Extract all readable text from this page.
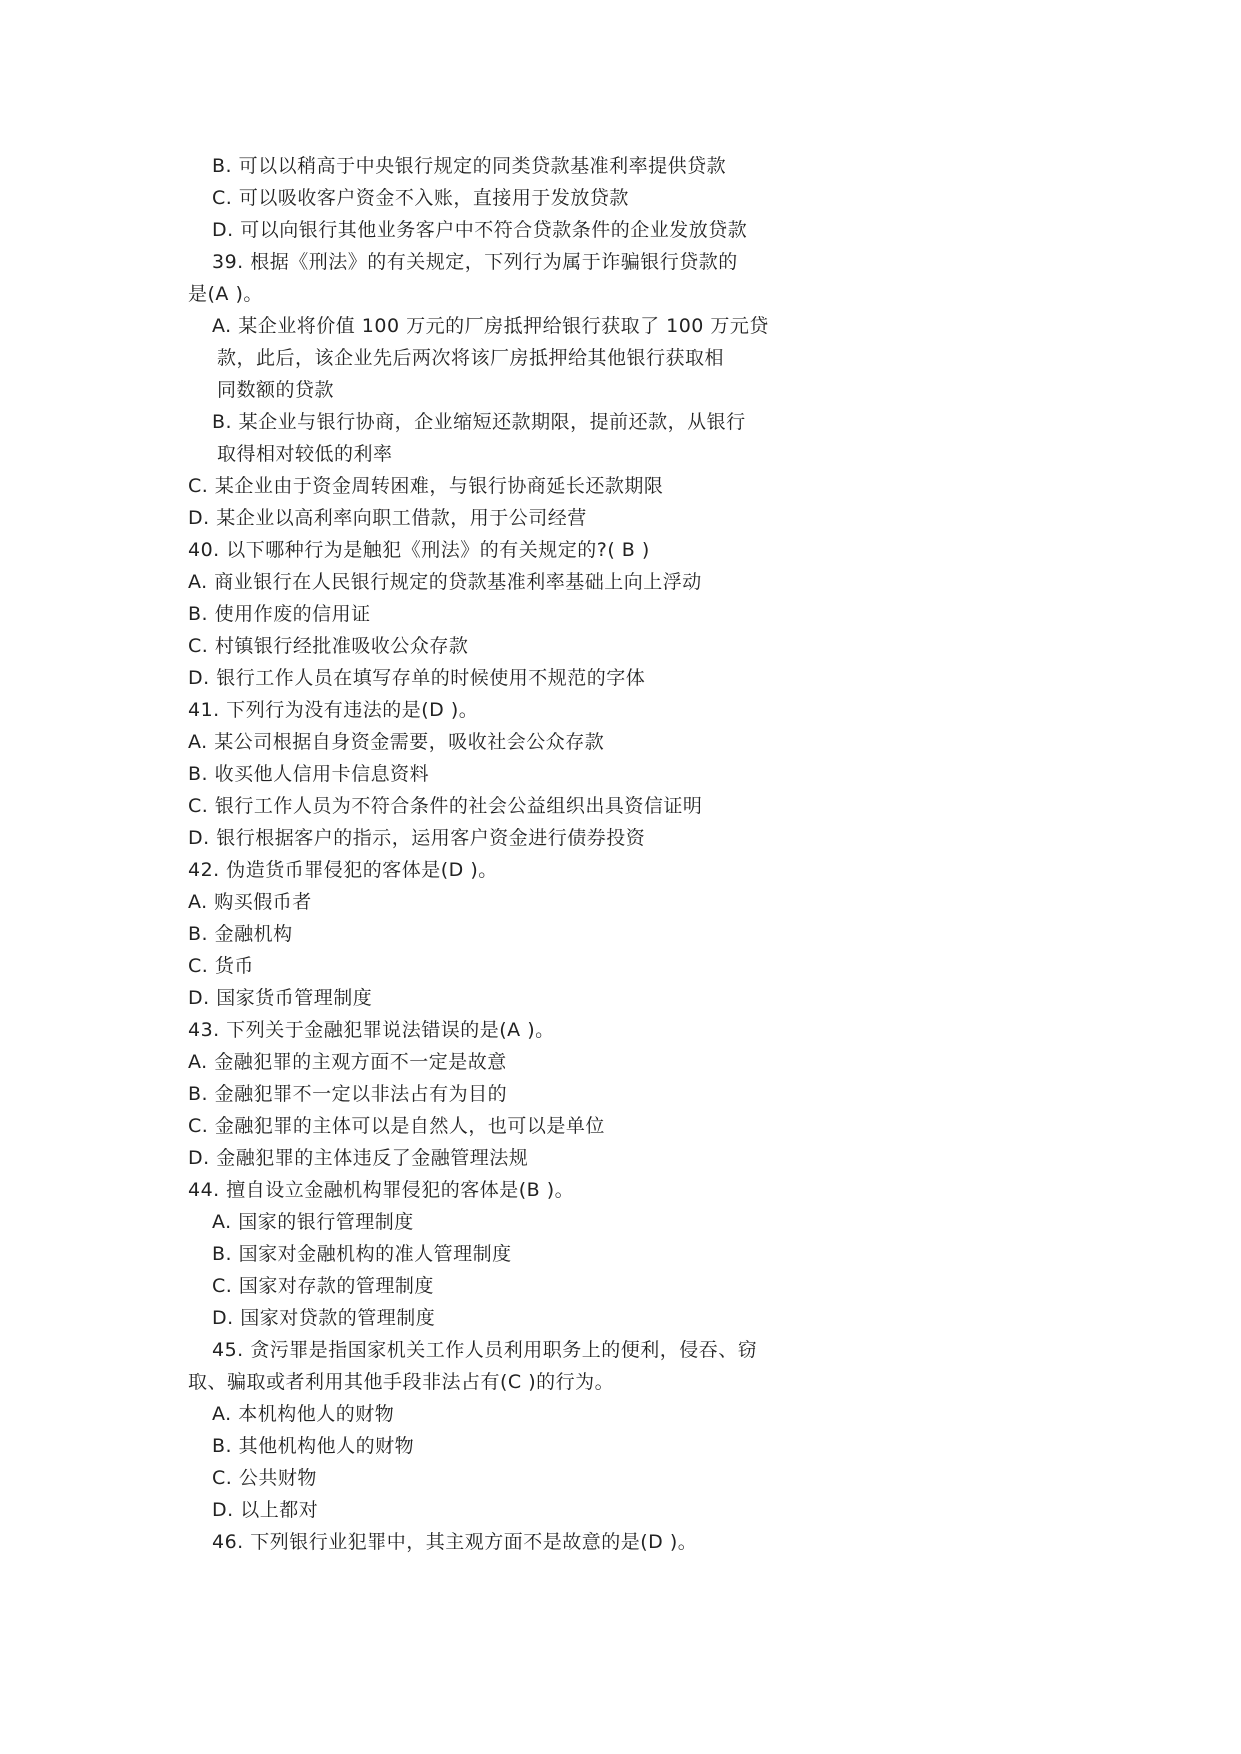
B. 可以以稍高于中央银行规定的同类贷款基准利率提供贷款
C. 可以吸收客户资金不入账，直接用于发放贷款
D. 可以向银行其他业务客户中不符合贷款条件的企业发放贷款
39. 根据《刑法》的有关规定，下列行为属于诈骗银行贷款的
是(A )。
A. 某企业将价值 100 万元的厂房抵押给银行获取了 100 万元贷
款，此后，该企业先后两次将该厂房抵押给其他银行获取相
同数额的贷款
B. 某企业与银行协商，企业缩短还款期限，提前还款，从银行
取得相对较低的利率
C. 某企业由于资金周转困难，与银行协商延长还款期限
D. 某企业以高利率向职工借款，用于公司经营
40. 以下哪种行为是触犯《刑法》的有关规定的?( B )
A. 商业银行在人民银行规定的贷款基准利率基础上向上浮动
B. 使用作废的信用证
C. 村镇银行经批准吸收公众存款
D. 银行工作人员在填写存单的时候使用不规范的字体
41. 下列行为没有违法的是(D )。
A. 某公司根据自身资金需要，吸收社会公众存款
B. 收买他人信用卡信息资料
C. 银行工作人员为不符合条件的社会公益组织出具资信证明
D. 银行根据客户的指示，运用客户资金进行债券投资
42. 伪造货币罪侵犯的客体是(D )。
A. 购买假币者
B. 金融机构
C. 货币
D. 国家货币管理制度
43. 下列关于金融犯罪说法错误的是(A )。
A. 金融犯罪的主观方面不一定是故意
B. 金融犯罪不一定以非法占有为目的
C. 金融犯罪的主体可以是自然人，也可以是单位
D. 金融犯罪的主体违反了金融管理法规
44. 擅自设立金融机构罪侵犯的客体是(B )。
A. 国家的银行管理制度
B. 国家对金融机构的准人管理制度
C. 国家对存款的管理制度
D. 国家对贷款的管理制度
45. 贪污罪是指国家机关工作人员利用职务上的便利，侵吞、窃
取、骗取或者利用其他手段非法占有(C )的行为。
A. 本机构他人的财物
B. 其他机构他人的财物
C. 公共财物
D. 以上都对
46. 下列银行业犯罪中，其主观方面不是故意的是(D )。
